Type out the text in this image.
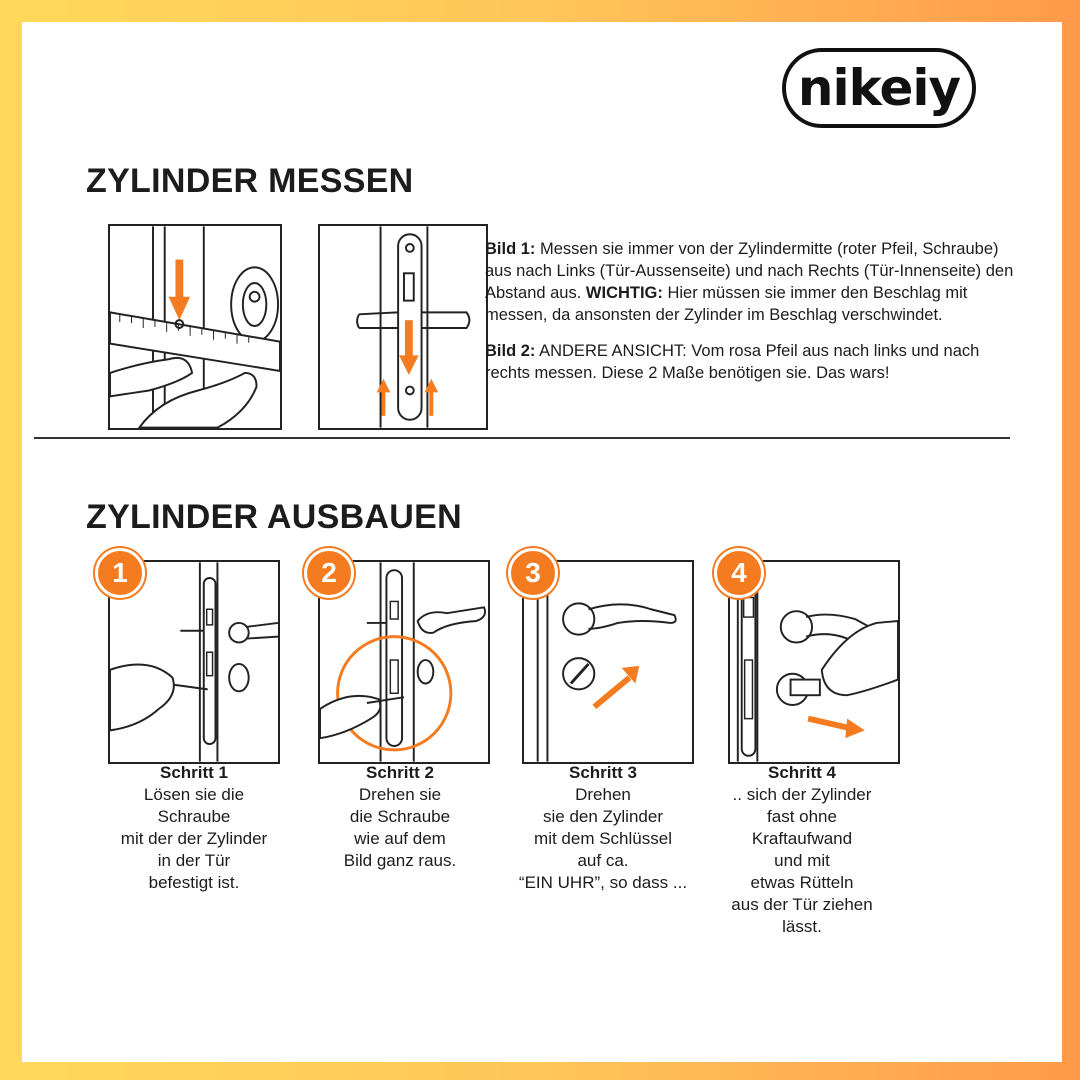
nikeiy
ZYLINDER MESSEN

Bild 1: Messen sie immer von der Zylindermitte (roter Pfeil, Schraube) aus nach Links (Tür-Aussenseite) und nach Rechts (Tür-Innenseite) den Abstand aus. WICHTIG: Hier müssen sie immer den Beschlag mit messen, da ansonsten der Zylinder im Beschlag verschwindet.

Bild 2: ANDERE ANSICHT: Vom rosa Pfeil aus nach links und nach rechts messen. Diese 2 Maße benötigen sie. Das wars!

ZYLINDER AUSBAUEN
1	2	3	4
Schritt 1
Lösen sie die
Schraube
mit der der Zylinder
in der Tür
befestigt ist.
Schritt 2
Drehen sie
die Schraube
wie auf dem
Bild ganz raus.
Schritt 3
Drehen
sie den Zylinder
mit dem Schlüssel
auf ca.
“EIN UHR”, so dass ...
Schritt 4
.. sich der Zylinder
fast ohne
Kraftaufwand
und mit
etwas Rütteln
aus der Tür ziehen
lässt.
